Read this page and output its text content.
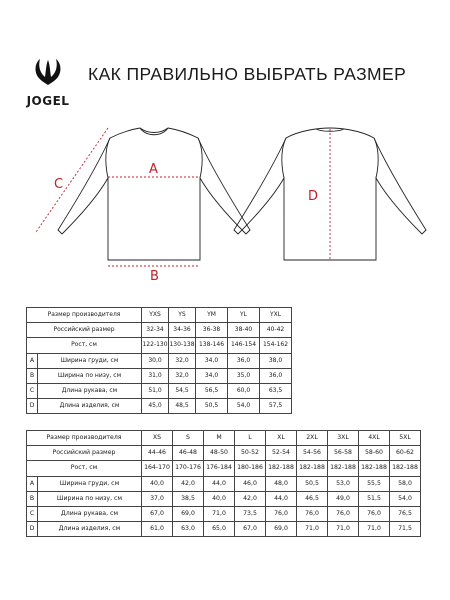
JOGEL
КАК ПРАВИЛЬНО ВЫБРАТЬ РАЗМЕР
A
B
C
D
Размер производителя		YXS	YS	YM	YL	YXL
Российский размер		32-34	34-36	36-38	38-40	40-42
Рост, см		122-130	130-138	138-146	146-154	154-162
A	Ширина груди, см	30,0	32,0	34,0	36,0	38,0
B	Ширина по низу, см	31,0	32,0	34,0	35,0	36,0
C	Длина рукава, см	51,0	54,5	56,5	60,0	63,5
D	Длина изделия, см	45,0	48,5	50,5	54,0	57,5
Размер производителя		XS	S	M	L	XL	2XL	3XL	4XL	5XL
Российский размер		44-46	46-48	48-50	50-52	52-54	54-56	56-58	58-60	60-62
Рост, см		164-170	170-176	176-184	180-186	182-188	182-188	182-188	182-188	182-188
A	Ширина груди, см	40,0	42,0	44,0	46,0	48,0	50,5	53,0	55,5	58,0
B	Ширина по низу, см	37,0	38,5	40,0	42,0	44,0	46,5	49,0	51,5	54,0
C	Длина рукава, см	67,0	69,0	71,0	73,5	76,0	76,0	76,0	76,0	76,5
D	Длина изделия, см	61,0	63,0	65,0	67,0	69,0	71,0	71,0	71,0	71,5
